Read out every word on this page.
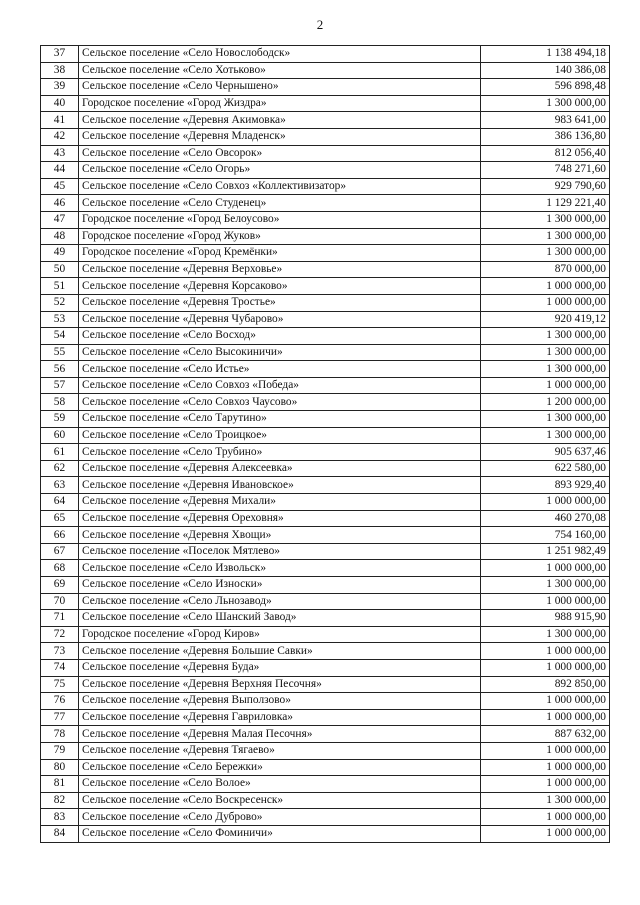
2
37	Сельское поселение «Село Новослободск»	1 138 494,18
38	Сельское поселение «Село Хотьково»	140 386,08
39	Сельское поселение «Село Чернышено»	596 898,48
40	Городское поселение «Город Жиздра»	1 300 000,00
41	Сельское поселение «Деревня Акимовка»	983 641,00
42	Сельское поселение «Деревня Младенск»	386 136,80
43	Сельское поселение «Село Овсорок»	812 056,40
44	Сельское поселение «Село Огорь»	748 271,60
45	Сельское поселение «Село Совхоз «Коллективизатор»	929 790,60
46	Сельское поселение «Село Студенец»	1 129 221,40
47	Городское поселение «Город Белоусово»	1 300 000,00
48	Городское поселение «Город Жуков»	1 300 000,00
49	Городское поселение «Город Кремёнки»	1 300 000,00
50	Сельское поселение «Деревня Верховье»	870 000,00
51	Сельское поселение «Деревня Корсаково»	1 000 000,00
52	Сельское поселение «Деревня Тростье»	1 000 000,00
53	Сельское поселение «Деревня Чубарово»	920 419,12
54	Сельское поселение «Село Восход»	1 300 000,00
55	Сельское поселение «Село Высокиничи»	1 300 000,00
56	Сельское поселение «Село Истье»	1 300 000,00
57	Сельское поселение «Село Совхоз «Победа»	1 000 000,00
58	Сельское поселение «Село Совхоз Чаусово»	1 200 000,00
59	Сельское поселение «Село Тарутино»	1 300 000,00
60	Сельское поселение «Село Троицкое»	1 300 000,00
61	Сельское поселение «Село Трубино»	905 637,46
62	Сельское поселение «Деревня Алексеевка»	622 580,00
63	Сельское поселение «Деревня Ивановское»	893 929,40
64	Сельское поселение «Деревня Михали»	1 000 000,00
65	Сельское поселение «Деревня Ореховня»	460 270,08
66	Сельское поселение «Деревня Хвощи»	754 160,00
67	Сельское поселение «Поселок Мятлево»	1 251 982,49
68	Сельское поселение «Село Извольск»	1 000 000,00
69	Сельское поселение «Село Износки»	1 300 000,00
70	Сельское поселение «Село Льнозавод»	1 000 000,00
71	Сельское поселение «Село Шанский Завод»	988 915,90
72	Городское поселение «Город Киров»	1 300 000,00
73	Сельское поселение «Деревня Большие Савки»	1 000 000,00
74	Сельское поселение «Деревня Буда»	1 000 000,00
75	Сельское поселение «Деревня Верхняя Песочня»	892 850,00
76	Сельское поселение «Деревня Выползово»	1 000 000,00
77	Сельское поселение «Деревня Гавриловка»	1 000 000,00
78	Сельское поселение «Деревня Малая Песочня»	887 632,00
79	Сельское поселение «Деревня Тягаево»	1 000 000,00
80	Сельское поселение «Село Бережки»	1 000 000,00
81	Сельское поселение «Село Волое»	1 000 000,00
82	Сельское поселение «Село Воскресенск»	1 300 000,00
83	Сельское поселение «Село Дуброво»	1 000 000,00
84	Сельское поселение «Село Фоминичи»	1 000 000,00
